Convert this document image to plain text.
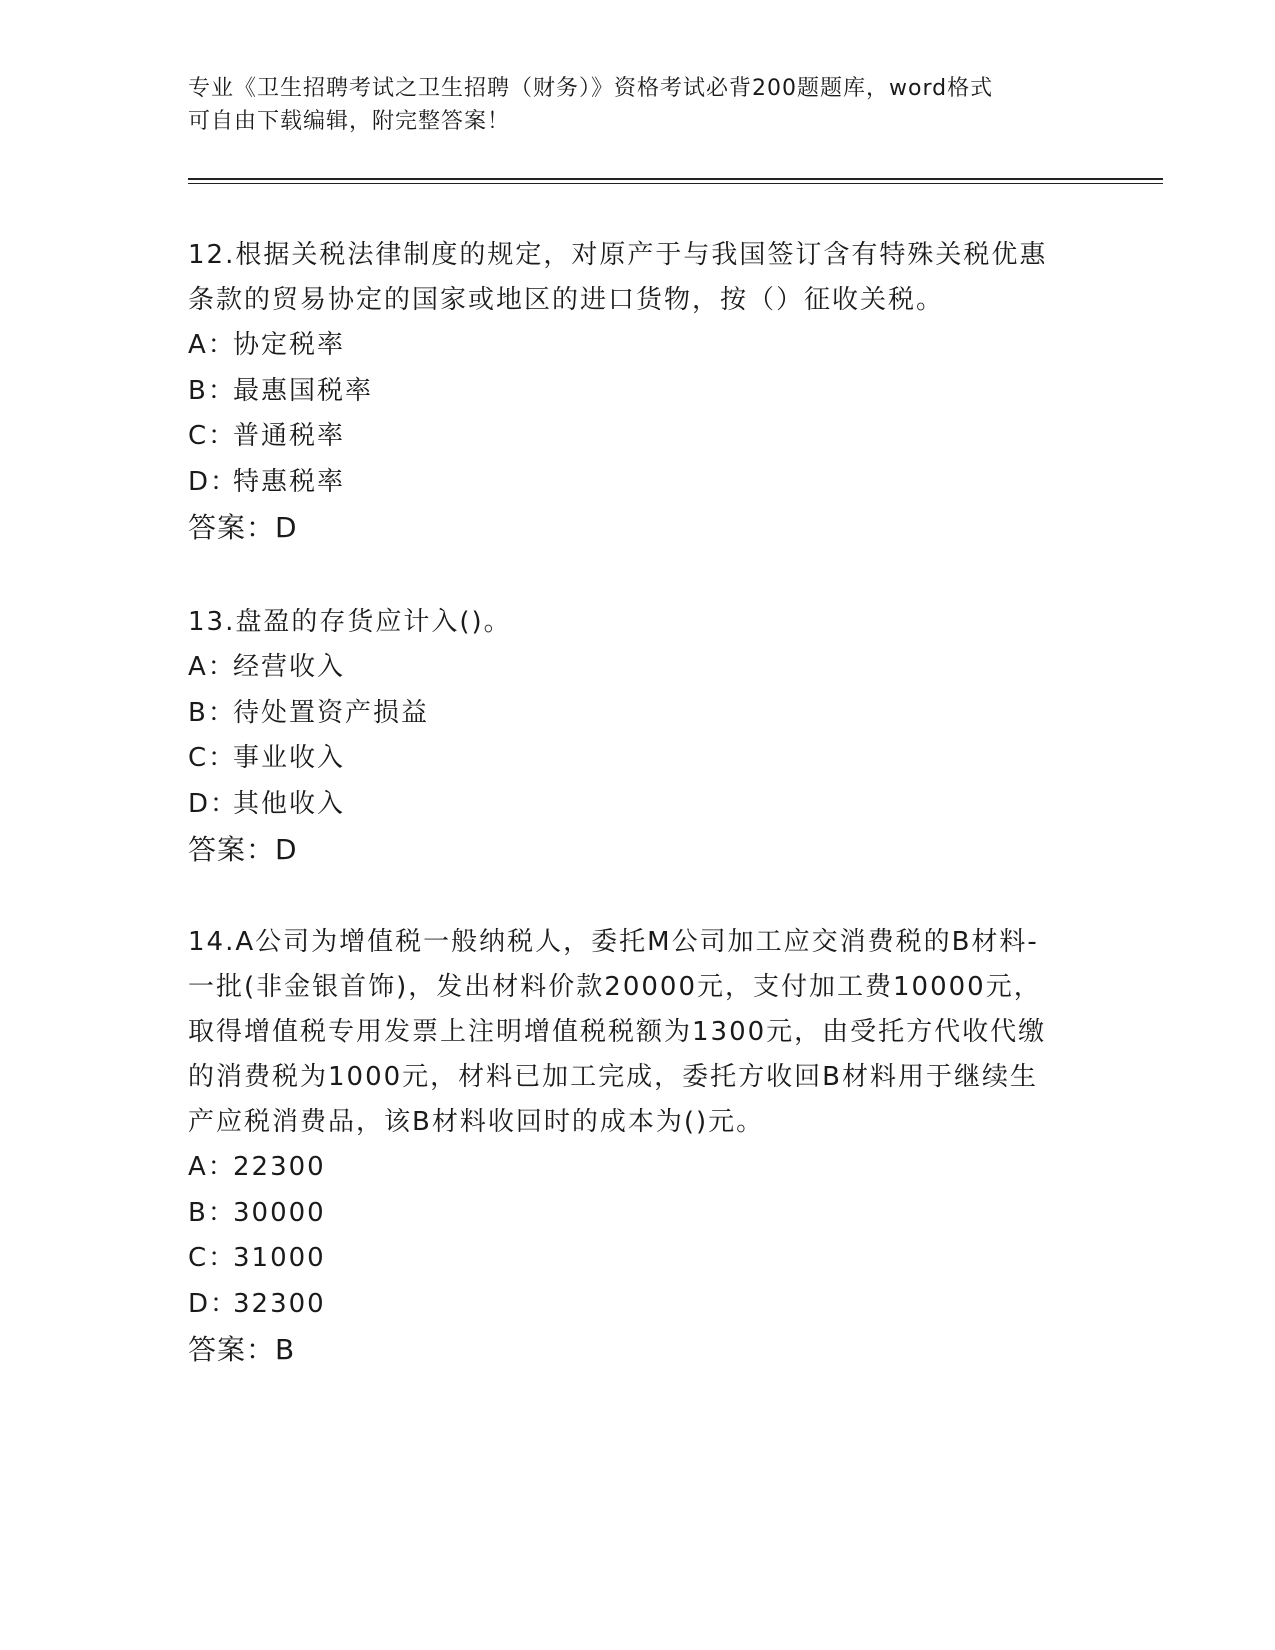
专业《卫生招聘考试之卫生招聘（财务）》资格考试必背200题题库，word格式
可自由下载编辑，附完整答案！
12.根据关税法律制度的规定，对原产于与我国签订含有特殊关税优惠
条款的贸易协定的国家或地区的进口货物，按（）征收关税。
A：
协定税率
B：
最惠国税率
C：
普通税率
D：
特惠税率
答案：D
13.盘盈的存货应计入()。
A：
经营收入
B：
待处置资产损益
C：
事业收入
D：
其他收入
答案：D
14.A公司为增值税一般纳税人，委托M公司加工应交消费税的B材料-
一批(非金银首饰)，发出材料价款20000元，支付加工费10000元，
取得增值税专用发票上注明增值税税额为1300元，由受托方代收代缴
的消费税为1000元，材料已加工完成，委托方收回B材料用于继续生
产应税消费品，该B材料收回时的成本为()元。
A：
22300
B：
30000
C：
31000
D：
32300
答案：B
